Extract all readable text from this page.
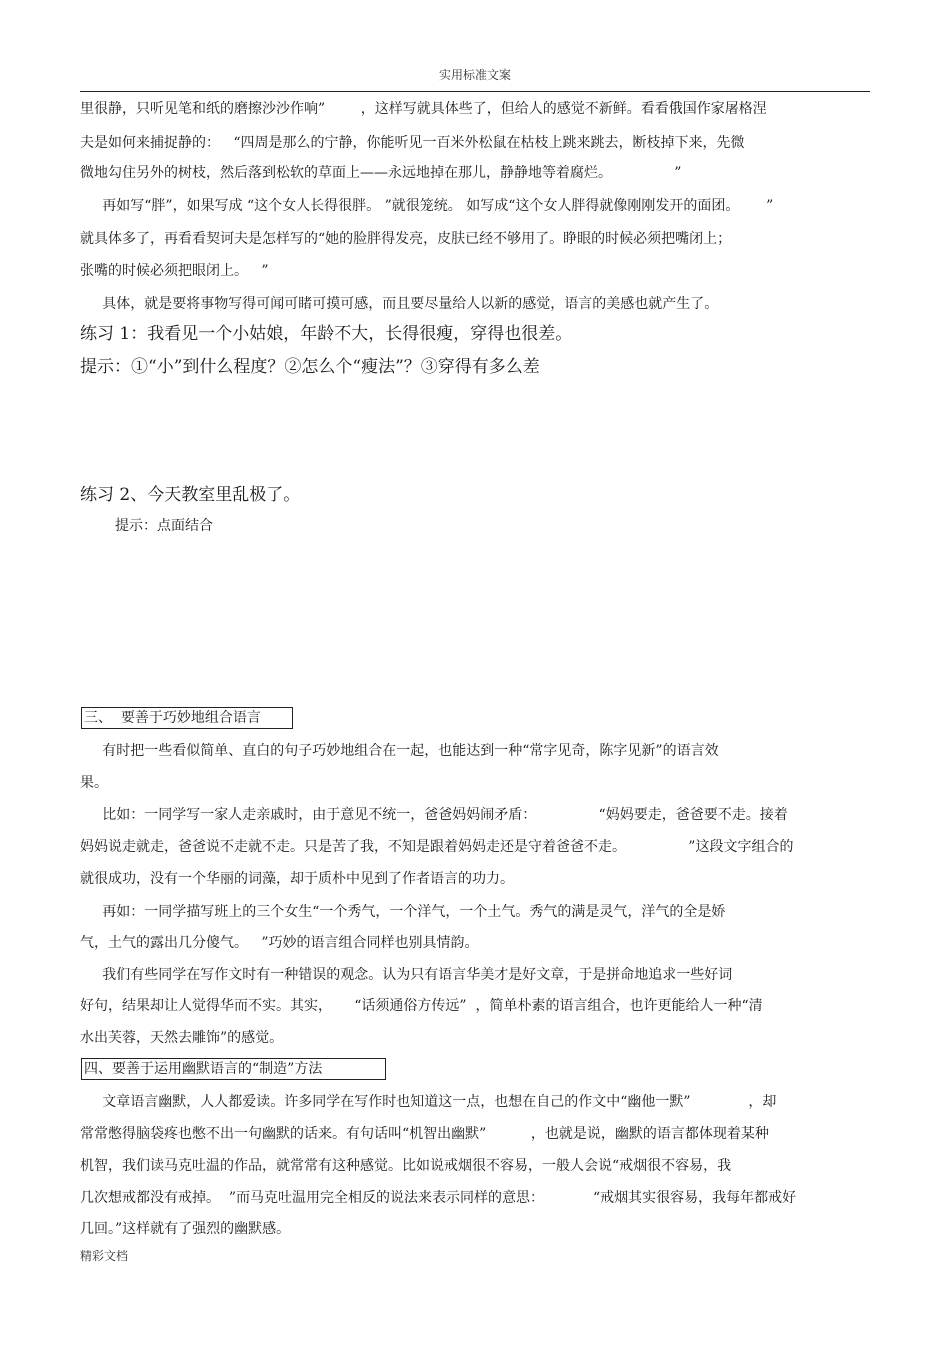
实用标准文案
里很静，只听见笔和纸的磨擦沙沙作响”        ，这样写就具体些了，但给人的感觉不新鲜。看看俄国作家屠格涅
夫是如何来捕捉静的：   “四周是那么的宁静，你能听见一百米外松鼠在枯枝上跳来跳去，断枝掉下来，先微
微地勾住另外的树枝，然后落到松软的草面上——永远地掉在那儿，静静地等着腐烂。              ”
再如写“胖”，如果写成 “这个女人长得很胖。 ”就很笼统。 如写成“这个女人胖得就像刚刚发开的面团。      ”
就具体多了，再看看契诃夫是怎样写的“她的脸胖得发亮，皮肤已经不够用了。睁眼的时候必须把嘴闭上；
张嘴的时候必须把眼闭上。   ”
具体，就是要将事物写得可闻可睹可摸可感，而且要尽量给人以新的感觉，语言的美感也就产生了。
练习 1：我看见一个小姑娘，年龄不大，长得很瘦，穿得也很差。
提示：①“小”到什么程度？②怎么个“瘦法”？③穿得有多么差
练习 2、今天教室里乱极了。
提示：点面结合
三、  要善于巧妙地组合语言
有时把一些看似简单、直白的句子巧妙地组合在一起，也能达到一种“常字见奇，陈字见新”的语言效
果。
比如：一同学写一家人走亲戚时，由于意见不统一，爸爸妈妈闹矛盾：              “妈妈要走，爸爸要不走。接着
妈妈说走就走，爸爸说不走就不走。只是苦了我，不知是跟着妈妈走还是守着爸爸不走。              ”这段文字组合的
就很成功，没有一个华丽的词藻，却于质朴中见到了作者语言的功力。
再如：一同学描写班上的三个女生“一个秀气，一个洋气，一个土气。秀气的满是灵气，洋气的全是娇
气，土气的露出几分傻气。   ”巧妙的语言组合同样也别具情韵。
我们有些同学在写作文时有一种错误的观念。认为只有语言华美才是好文章，于是拼命地追求一些好词
好句，结果却让人觉得华而不实。其实，     “话须通俗方传远”  ，简单朴素的语言组合，也许更能给人一种“清
水出芙蓉，天然去雕饰”的感觉。
四、要善于运用幽默语言的“制造”方法
文章语言幽默，人人都爱读。许多同学在写作时也知道这一点，也想在自己的作文中“幽他一默”             ，却
常常憋得脑袋疼也憋不出一句幽默的话来。有句话叫“机智出幽默”          ，也就是说，幽默的语言都体现着某种
机智，我们读马克吐温的作品，就常常有这种感觉。比如说戒烟很不容易，一般人会说“戒烟很不容易，我
几次想戒都没有戒掉。  ”而马克吐温用完全相反的说法来表示同样的意思：           “戒烟其实很容易，我每年都戒好
几回。”这样就有了强烈的幽默感。
精彩文档
